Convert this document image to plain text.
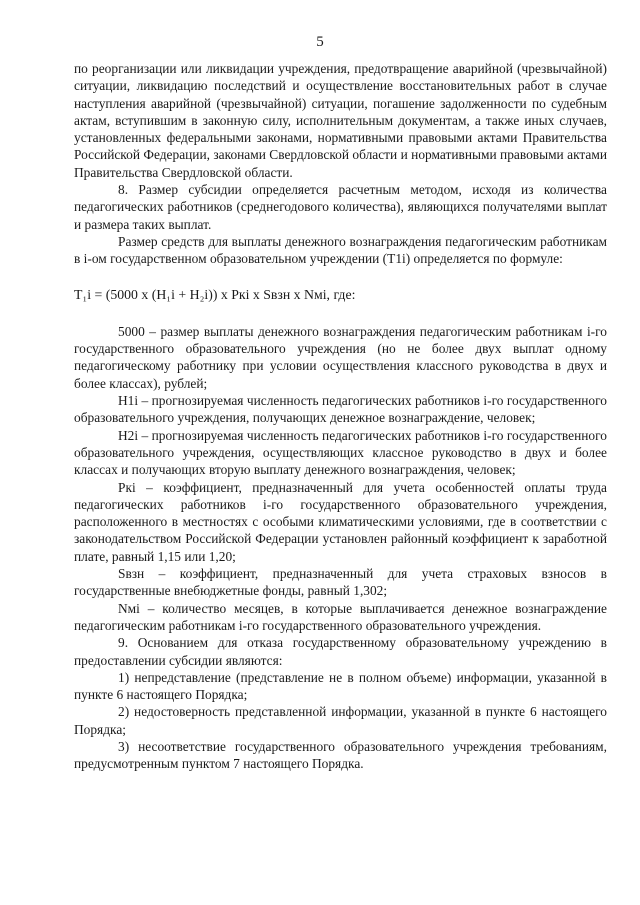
5

по реорганизации или ликвидации учреждения, предотвращение аварийной (чрезвычайной) ситуации, ликвидацию последствий и осуществление восстановительных работ в случае наступления аварийной (чрезвычайной) ситуации, погашение задолженности по судебным актам, вступившим в законную силу, исполнительным документам, а также иных случаев, установленных федеральными законами, нормативными правовыми актами Правительства Российской Федерации, законами Свердловской области и нормативными правовыми актами Правительства Свердловской области.

8. Размер субсидии определяется расчетным методом, исходя из количества педагогических работников (среднегодового количества), являющихся получателями выплат и размера таких выплат.

Размер средств для выплаты денежного вознаграждения педагогическим работникам в i-ом государственном образовательном учреждении (T1i) определяется по формуле:

T₁i = (5000 x (H₁i + H₂i)) x Pкi x Sвзн x Nмi, где:

5000 – размер выплаты денежного вознаграждения педагогическим работникам i-го государственного образовательного учреждения (но не более двух выплат одному педагогическому работнику при условии осуществления классного руководства в двух и более классах), рублей;

H1i – прогнозируемая численность педагогических работников i-го государственного образовательного учреждения, получающих денежное вознаграждение, человек;

H2i – прогнозируемая численность педагогических работников i-го государственного образовательного учреждения, осуществляющих классное руководство в двух и более классах и получающих вторую выплату денежного вознаграждения, человек;

Pкi – коэффициент, предназначенный для учета особенностей оплаты труда педагогических работников i-го государственного образовательного учреждения, расположенного в местностях с особыми климатическими условиями, где в соответствии с законодательством Российской Федерации установлен районный коэффициент к заработной плате, равный 1,15 или 1,20;

Sвзн – коэффициент, предназначенный для учета страховых взносов в государственные внебюджетные фонды, равный 1,302;

Nмi – количество месяцев, в которые выплачивается денежное вознаграждение педагогическим работникам i-го государственного образовательного учреждения.

9. Основанием для отказа государственному образовательному учреждению в предоставлении субсидии являются:

1) непредставление (представление не в полном объеме) информации, указанной в пункте 6 настоящего Порядка;

2) недостоверность представленной информации, указанной в пункте 6 настоящего Порядка;

3) несоответствие государственного образовательного учреждения требованиям, предусмотренным пунктом 7 настоящего Порядка.
